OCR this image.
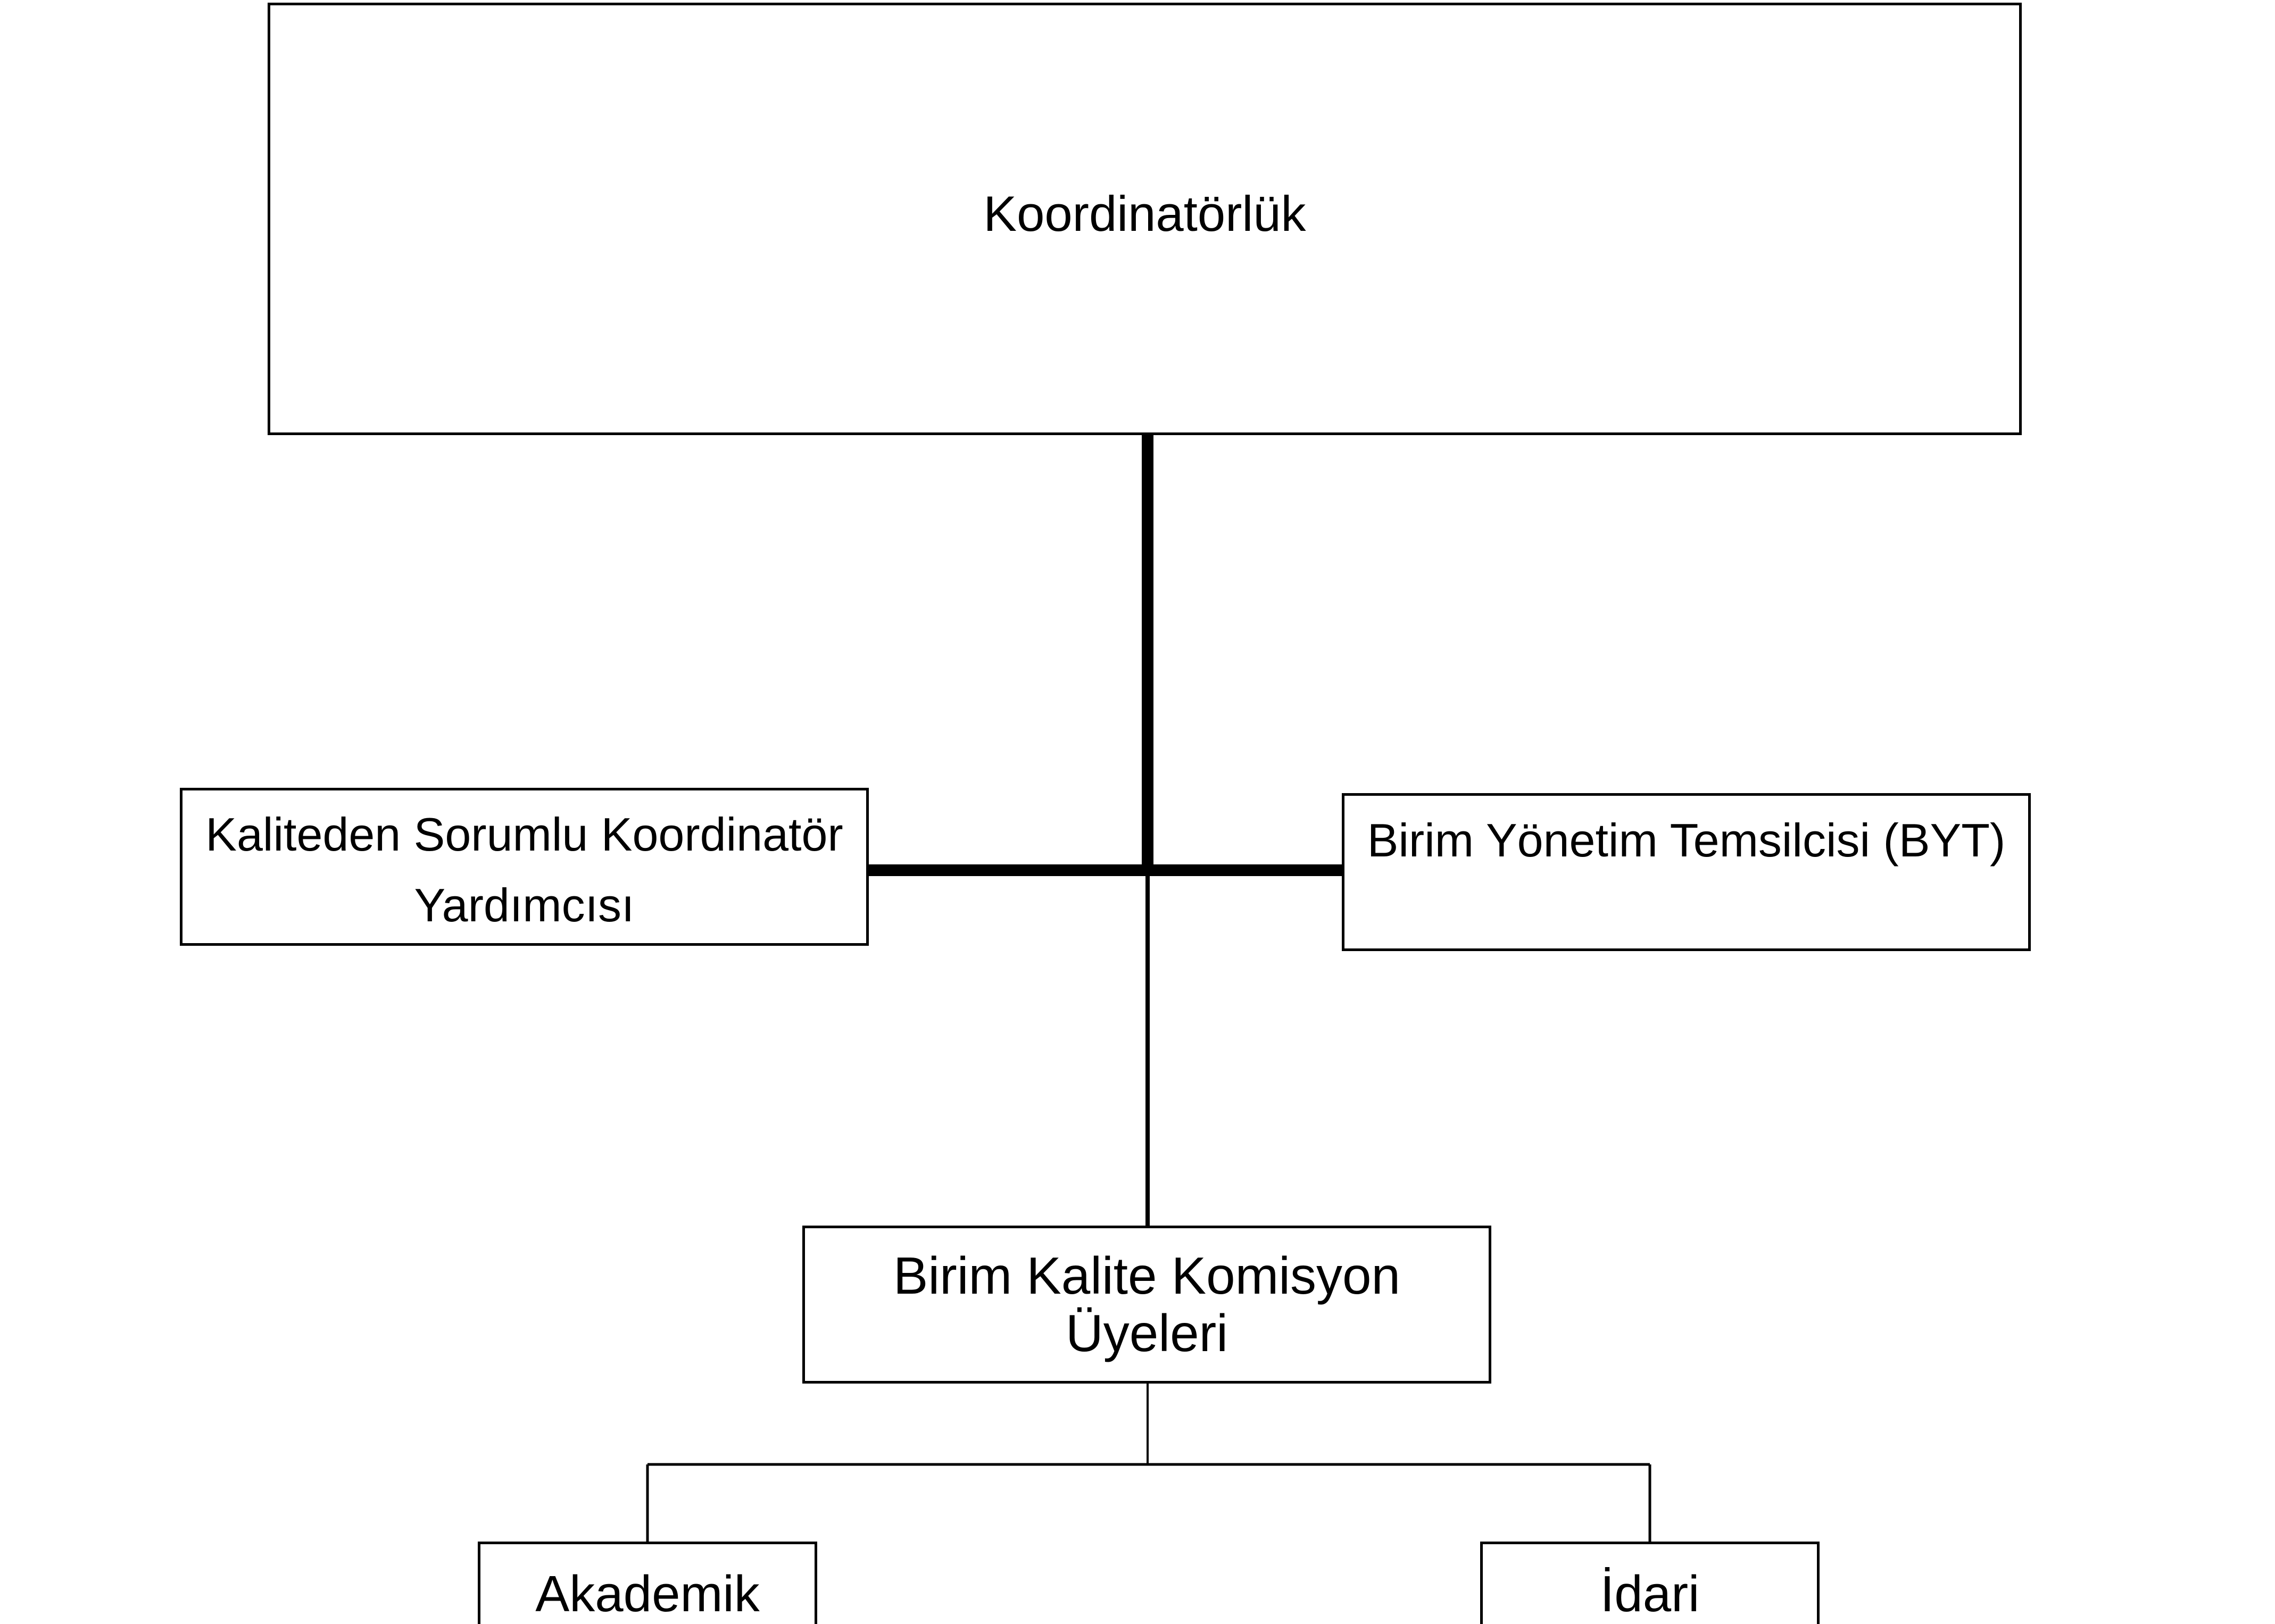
Koordinatörlük
Kaliteden Sorumlu Koordinatör
Yardımcısı
Birim Yönetim Temsilcisi (BYT)
Birim Kalite Komisyon
Üyeleri
Akademik	İdari
